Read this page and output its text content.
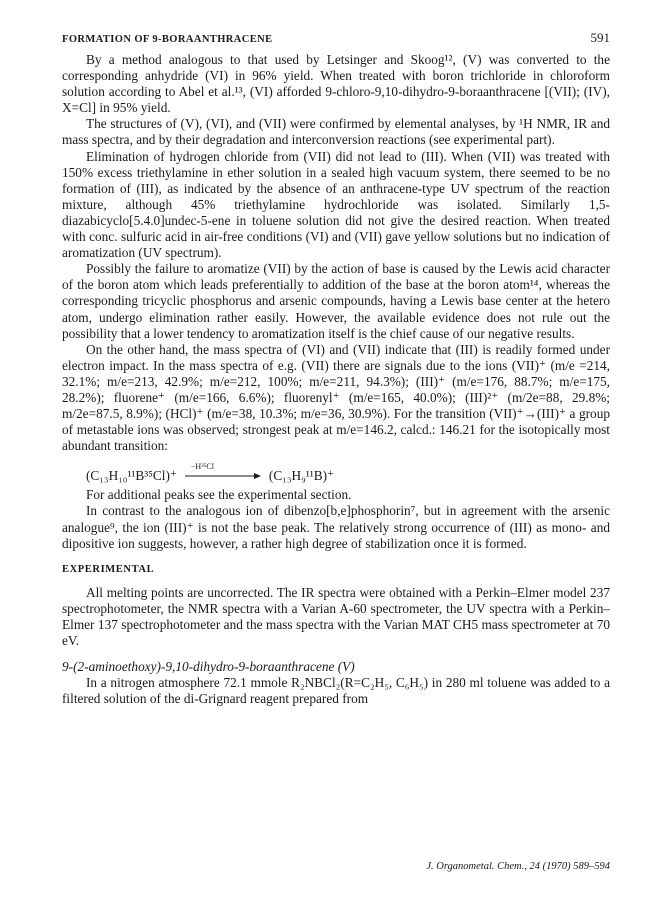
FORMATION OF 9-BORAANTHRACENE	591

By a method analogous to that used by Letsinger and Skoog¹², (V) was converted to the corresponding anhydride (VI) in 96% yield. When treated with boron trichloride in chloroform solution according to Abel et al.¹³, (VI) afforded 9-chloro-9,10-dihydro-9-boraanthracene [(VII); (IV), X=Cl] in 95% yield.

The structures of (V), (VI), and (VII) were confirmed by elemental analyses, by ¹H NMR, IR and mass spectra, and by their degradation and interconversion reactions (see experimental part).

Elimination of hydrogen chloride from (VII) did not lead to (III). When (VII) was treated with 150% excess triethylamine in ether solution in a sealed high vacuum system, there seemed to be no formation of (III), as indicated by the absence of an anthracene-type UV spectrum of the reaction mixture, although 45% triethylamine hydrochloride was isolated. Similarly 1,5-diazabicyclo[5.4.0]undec-5-ene in toluene solution did not give the desired reaction. When treated with conc. sulfuric acid in air-free conditions (VI) and (VII) gave yellow solutions but no indication of aromatization (UV spectrum).

Possibly the failure to aromatize (VII) by the action of base is caused by the Lewis acid character of the boron atom which leads preferentially to addition of the base at the boron atom¹⁴, whereas the corresponding tricyclic phosphorus and arsenic compounds, having a Lewis base center at the hetero atom, undergo elimination rather easily. However, the available evidence does not rule out the possibility that a lower tendency to aromatization itself is the chief cause of our negative results.

On the other hand, the mass spectra of (VI) and (VII) indicate that (III) is readily formed under electron impact. In the mass spectra of e.g. (VII) there are signals due to the ions (VII)⁺ (m/e =214, 32.1%; m/e=213, 42.9%; m/e=212, 100%; m/e=211, 94.3%); (III)⁺ (m/e=176, 88.7%; m/e=175, 28.2%); fluorene⁺ (m/e=166, 6.6%); fluorenyl⁺ (m/e=165, 40.0%); (III)²⁺ (m/2e=88, 29.8%; m/2e=87.5, 8.9%); (HCl)⁺ (m/e=38, 10.3%; m/e=36, 30.9%). For the transition (VII)⁺→(III)⁺ a group of metastable ions was observed; strongest peak at m/e=146.2, calcd.: 146.21 for the isotopically most abundant transition:

(C₁₃H₁₀¹¹B³⁵Cl)⁺
−H³⁵Cl
(C₁₃H₉¹¹B)⁺

For additional peaks see the experimental section.

In contrast to the analogous ion of dibenzo[b,e]phosphorin⁷, but in agreement with the arsenic analogue⁹, the ion (III)⁺ is not the base peak. The relatively strong occurrence of (III) as mono- and dipositive ion suggests, however, a rather high degree of stabilization once it is formed.

EXPERIMENTAL

All melting points are uncorrected. The IR spectra were obtained with a Perkin–Elmer model 237 spectrophotometer, the NMR spectra with a Varian A-60 spectrometer, the UV spectra with a Perkin–Elmer 137 spectrophotometer and the mass spectra with the Varian MAT CH5 mass spectrometer at 70 eV.

9-(2-aminoethoxy)-9,10-dihydro-9-boraanthracene (V)

In a nitrogen atmosphere 72.1 mmole R₂NBCl₂(R=C₂H₅, C₆H₅) in 280 ml toluene was added to a filtered solution of the di-Grignard reagent prepared from

J. Organometal. Chem., 24 (1970) 589–594
